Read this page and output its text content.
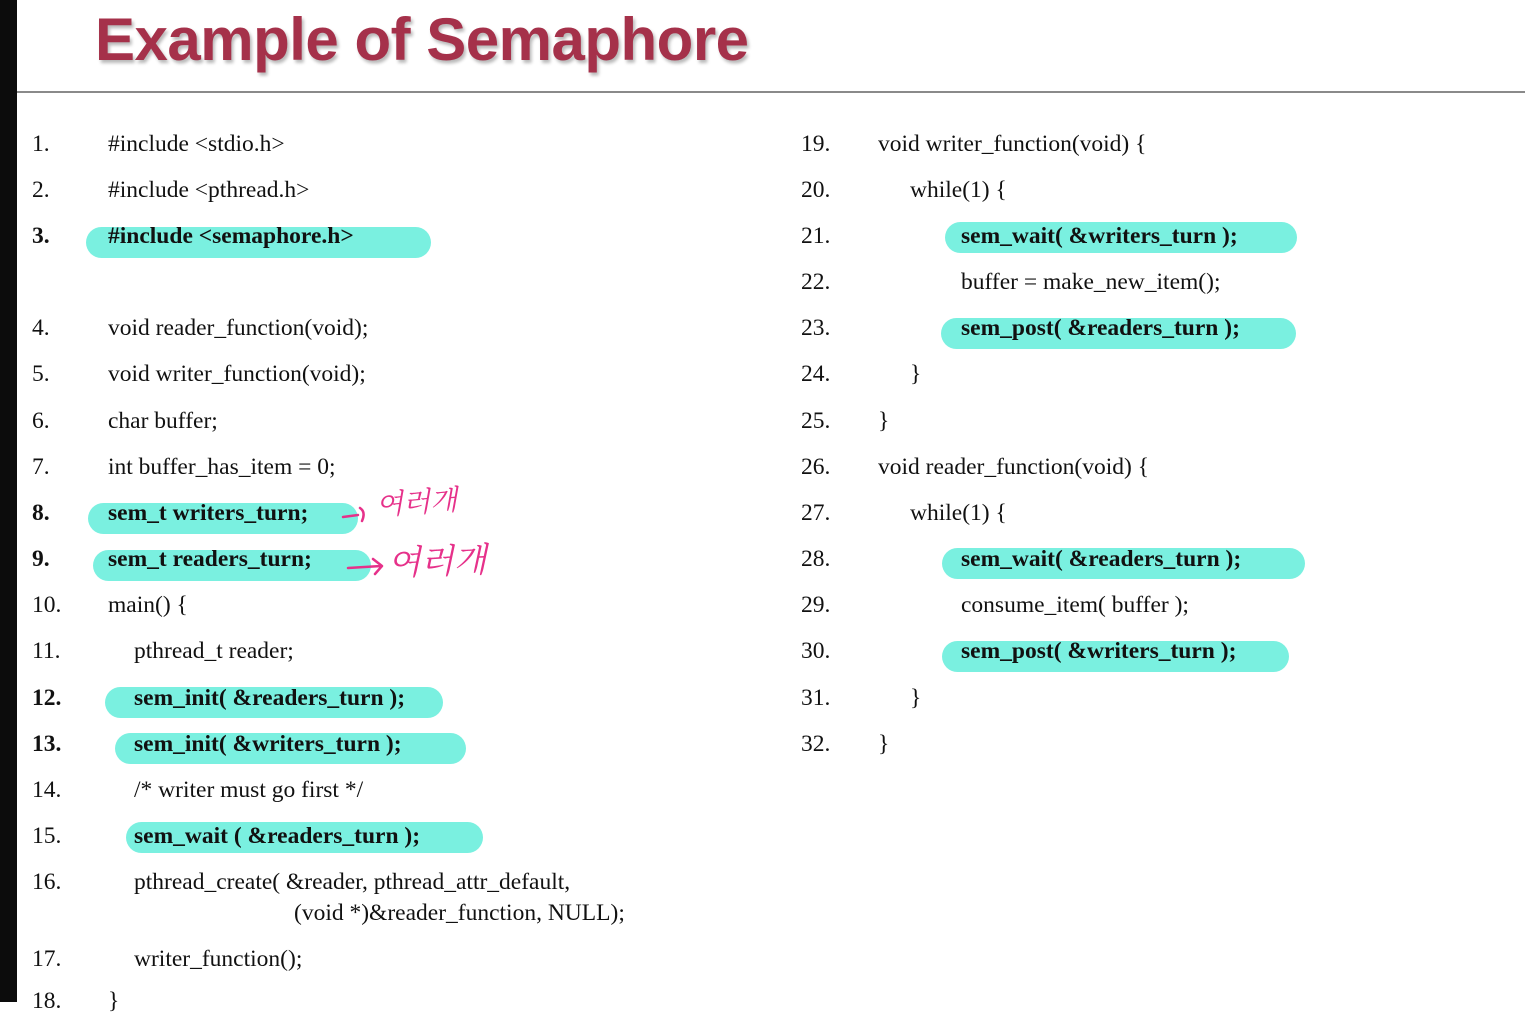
Example of Semaphore
1. #include <stdio.h>
2. #include <pthread.h>
3. #include <semaphore.h>
4. void reader_function(void);
5. void writer_function(void);
6. char buffer;
7. int buffer_has_item = 0;
8. sem_t writers_turn;
9. sem_t readers_turn;
10. main() {
11.	pthread_t reader;
12.	sem_init( &readers_turn );
13.	sem_init( &writers_turn );
14.	/* writer must go first */
15.	sem_wait ( &readers_turn );
16.	pthread_create( &reader, pthread_attr_default,
(void *)&reader_function, NULL);
17.	writer_function();
18. }
19. void writer_function(void) {
20.	while(1) {
21.	sem_wait( &writers_turn );
22.	buffer = make_new_item();
23.	sem_post( &readers_turn );
24.	}
25. }
26. void reader_function(void) {
27.	while(1) {
28.	sem_wait( &readers_turn );
29.	consume_item( buffer );
30.	sem_post( &writers_turn );
31.	}
32. }
여러개
여러개
